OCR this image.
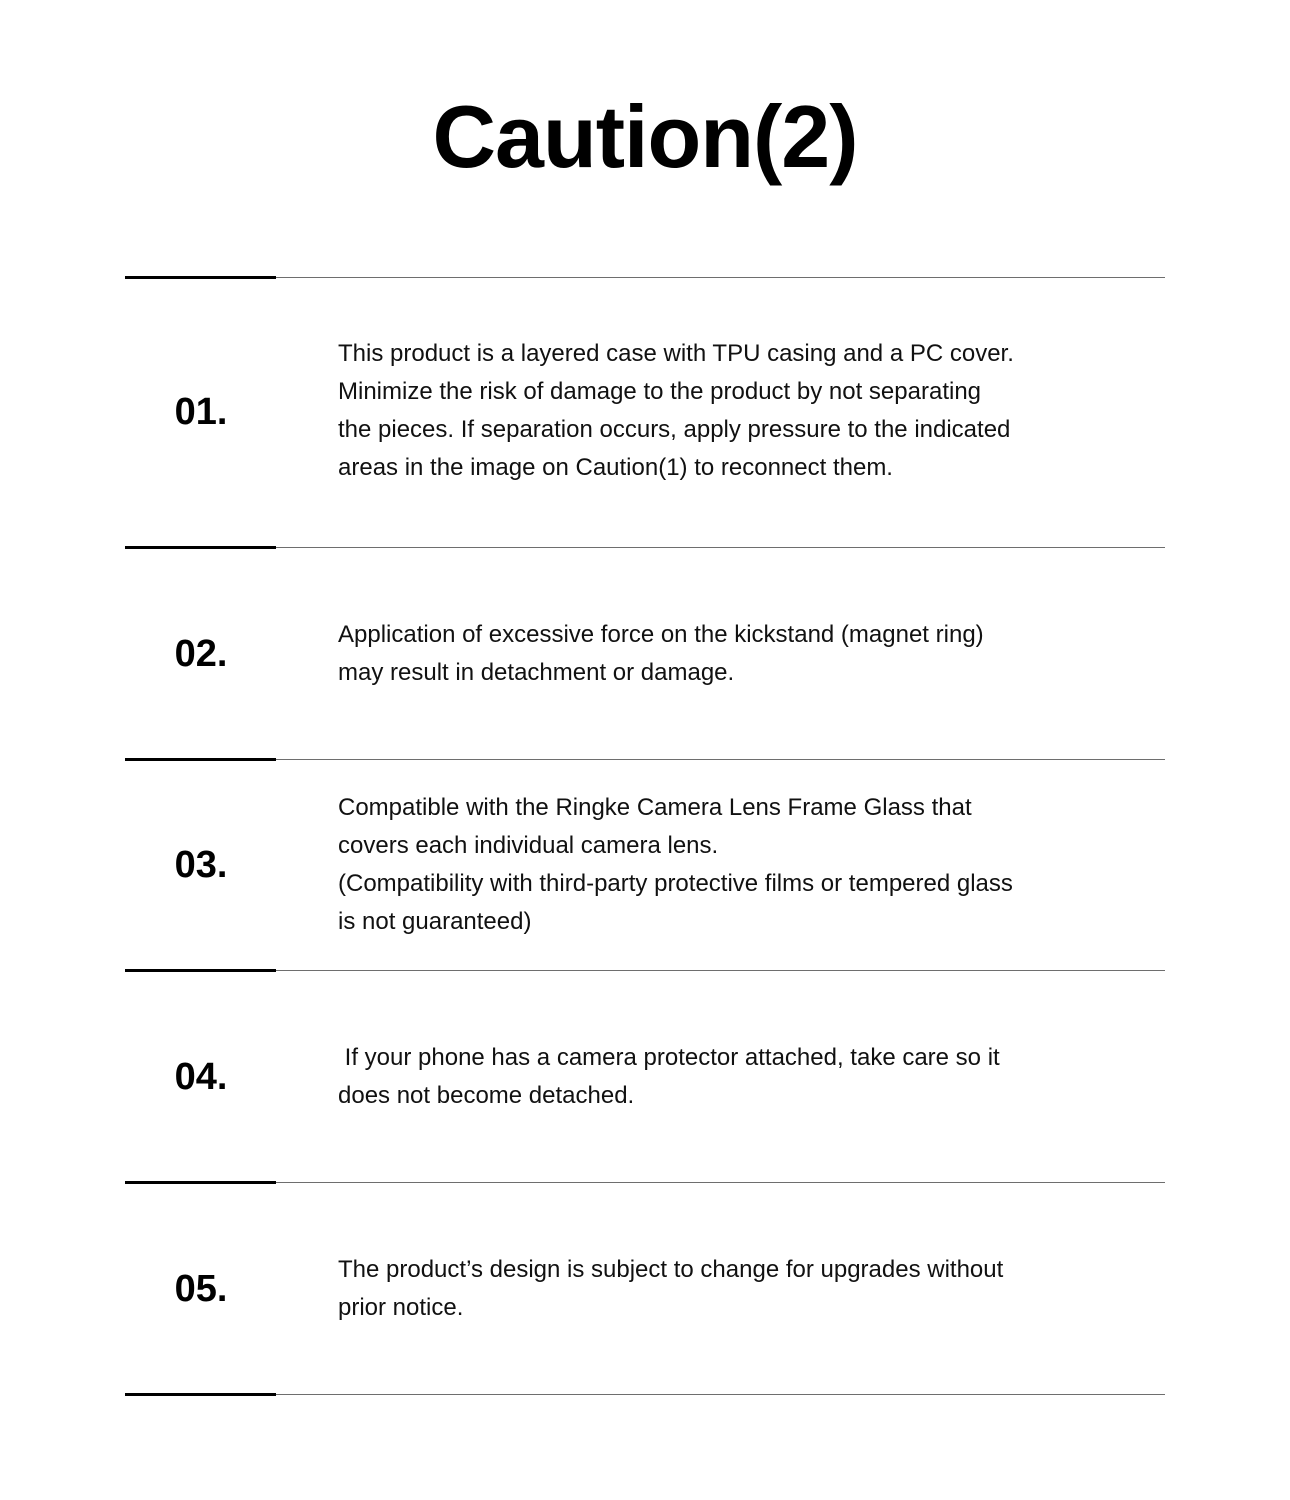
Caution(2)
01.
This product is a layered case with TPU casing and a PC cover.
Minimize the risk of damage to the product by not separating
the pieces. If separation occurs, apply pressure to the indicated
areas in the image on Caution(1) to reconnect them.
02.	Application of excessive force on the kickstand (magnet ring)
may result in detachment or damage.
03.
Compatible with the Ringke Camera Lens Frame Glass that
covers each individual camera lens.
(Compatibility with third-party protective films or tempered glass
is not guaranteed)
04.	If your phone has a camera protector attached, take care so it
does not become detached.
05.	The product’s design is subject to change for upgrades without
prior notice.
